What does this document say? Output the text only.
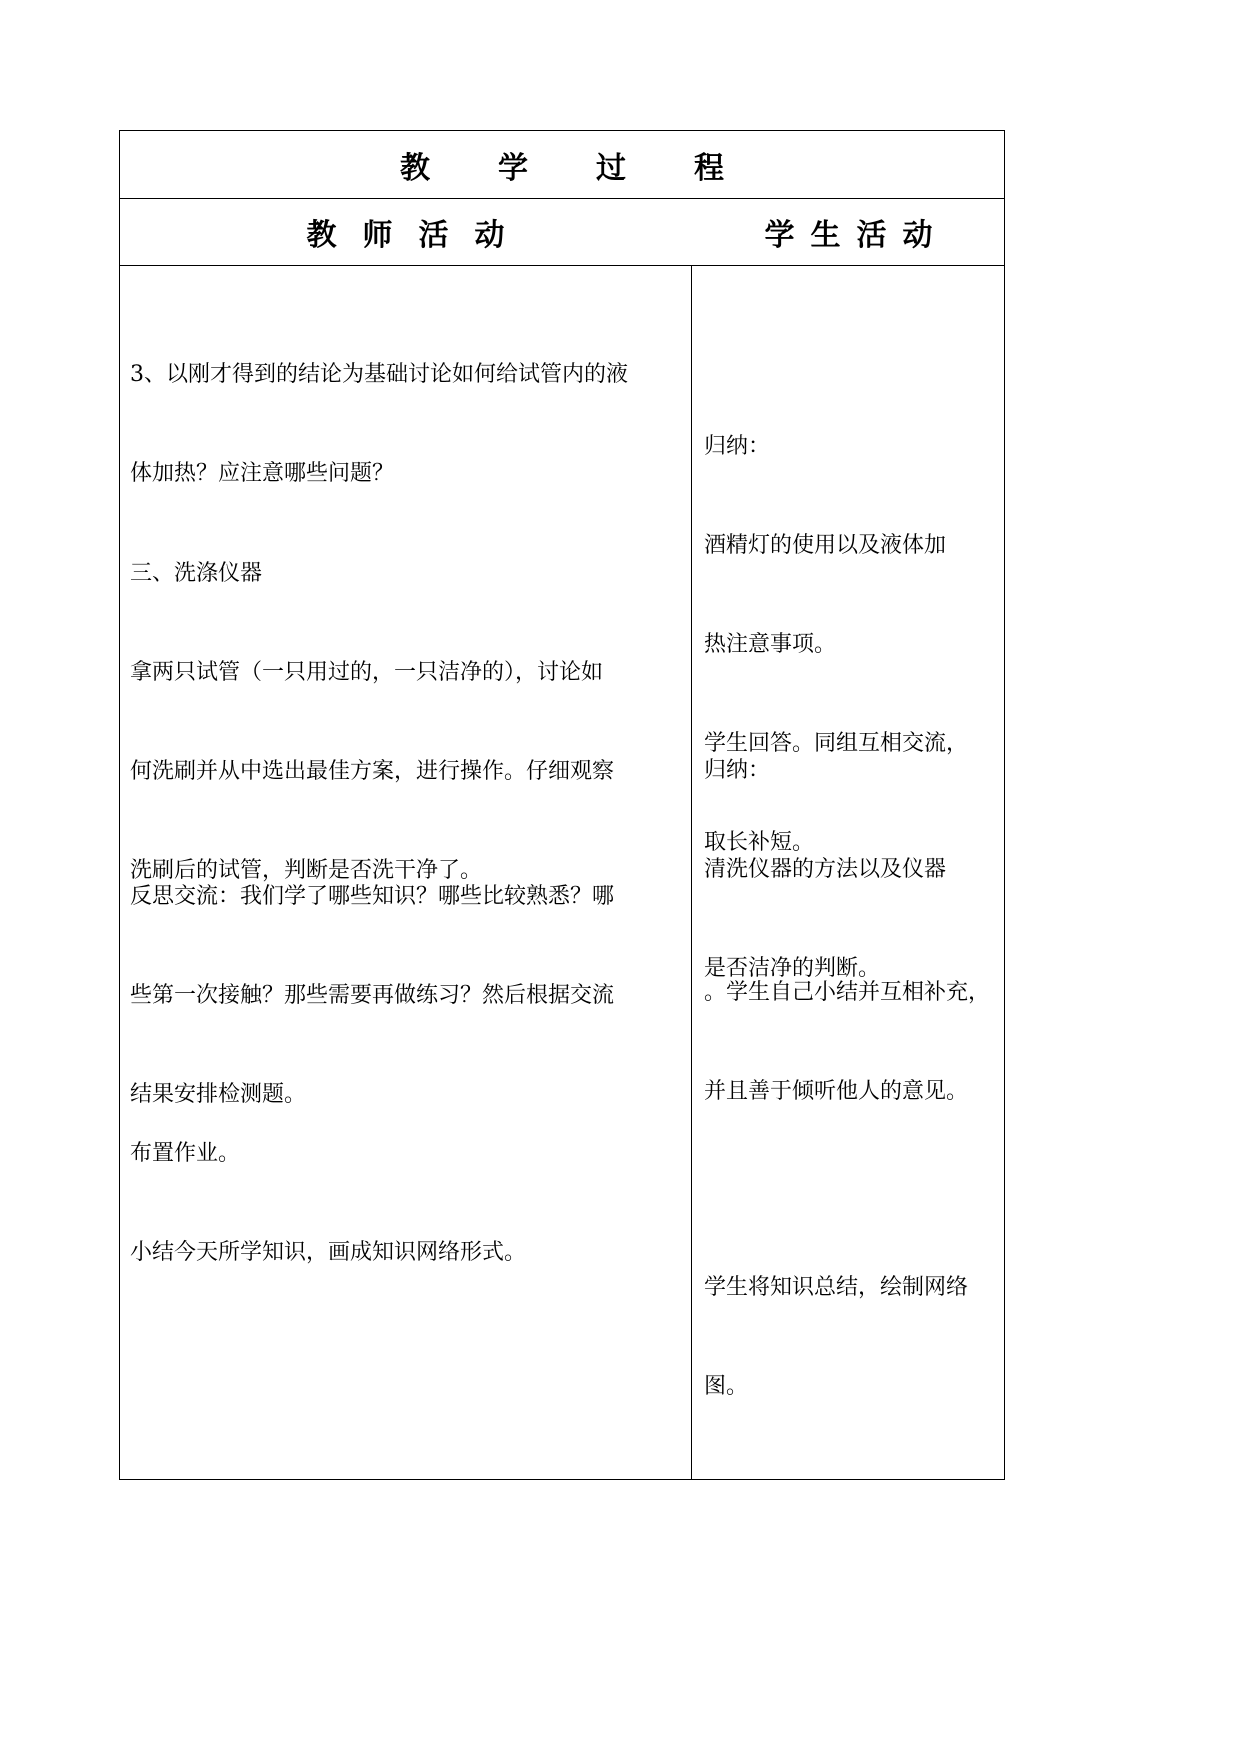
教 学 过 程
教 师 活 动	学 生 活 动

3、以刚才得到的结论为基础讨论如何给试管内的液

体加热？应注意哪些问题？

三、洗涤仪器

拿两只试管（一只用过的，一只洁净的），讨论如

何洗刷并从中选出最佳方案，进行操作。仔细观察

洗刷后的试管，判断是否洗干净了。

反思交流：我们学了哪些知识？哪些比较熟悉？哪

些第一次接触？那些需要再做练习？然后根据交流

结果安排检测题。

布置作业。

小结今天所学知识，画成知识网络形式。

归纳：

酒精灯的使用以及液体加

热注意事项。

学生回答。同组互相交流，

取长补短。

归纳：

清洗仪器的方法以及仪器

是否洁净的判断。

。学生自己小结并互相补充，

并且善于倾听他人的意见。

学生将知识总结，绘制网络

图。
